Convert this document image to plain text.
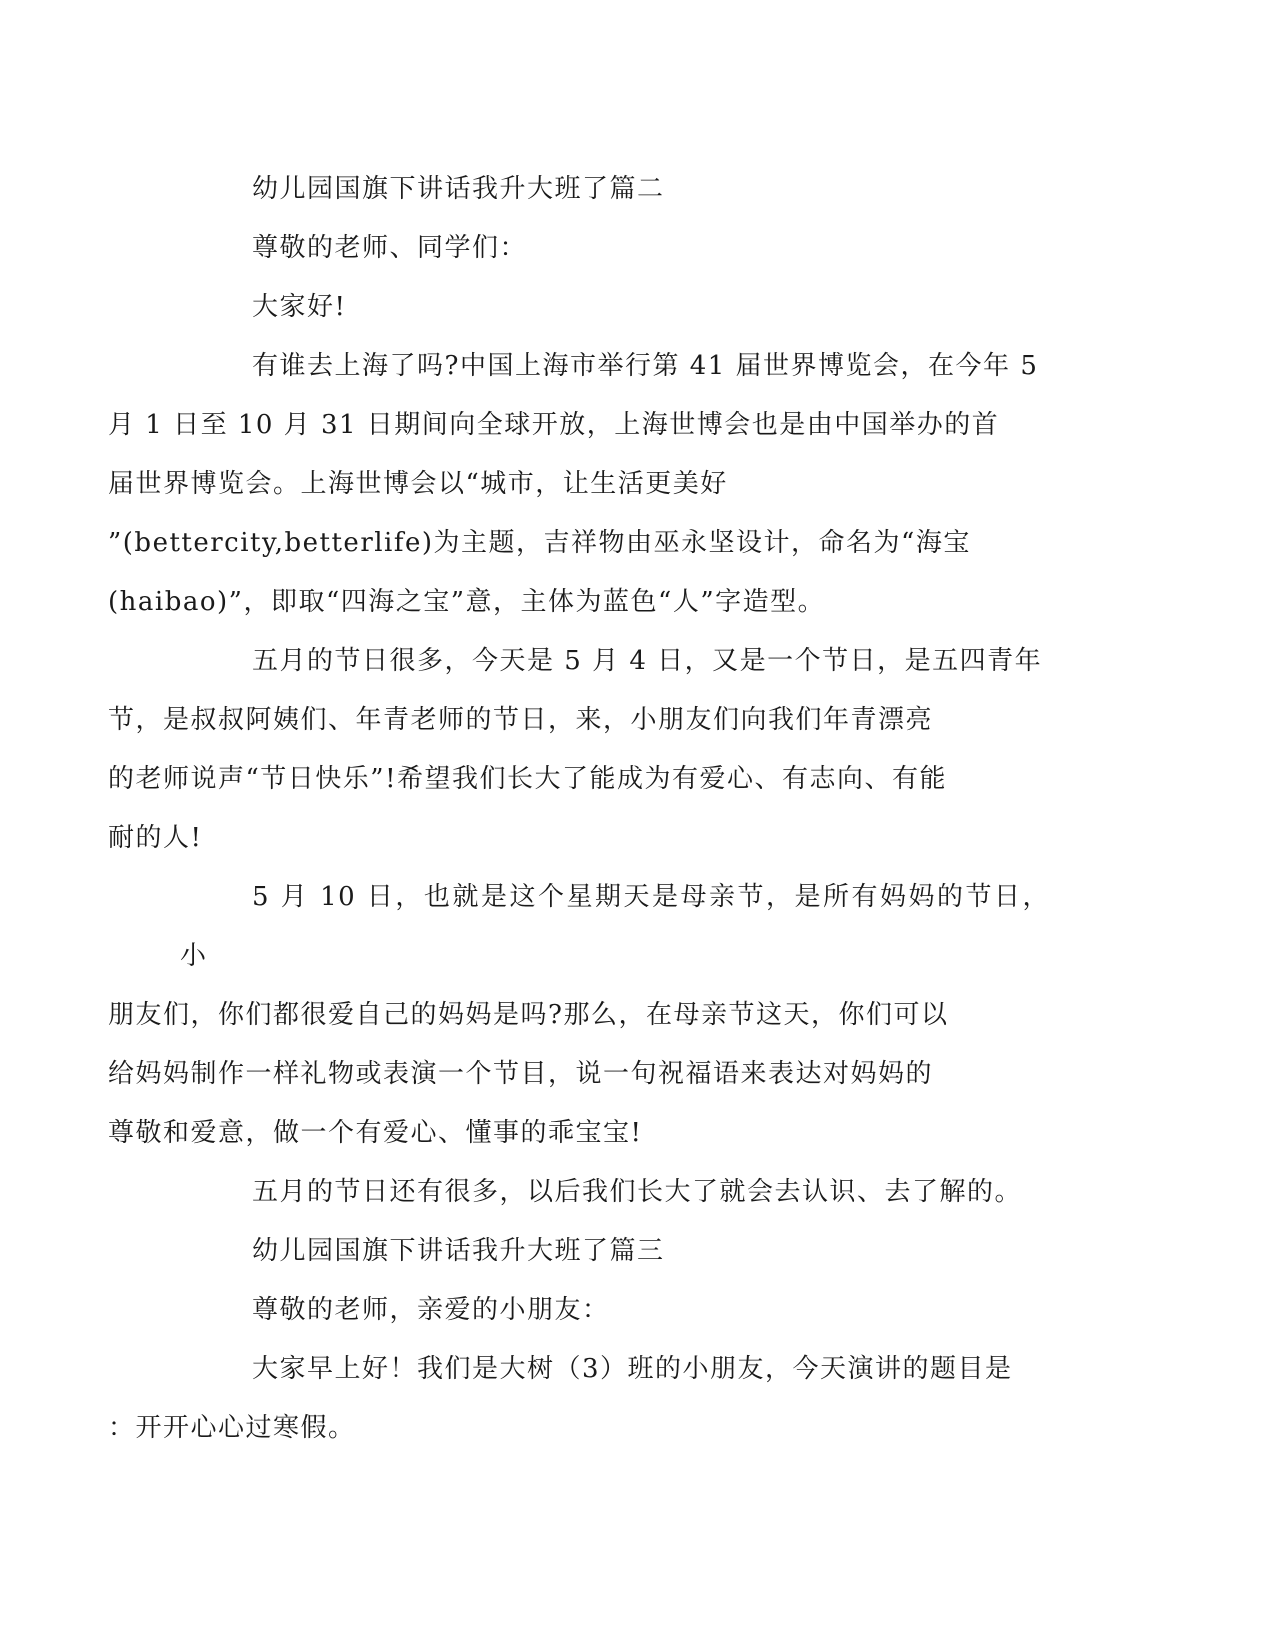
幼儿园国旗下讲话我升大班了篇二

尊敬的老师、同学们：

大家好!

有谁去上海了吗?中国上海市举行第 41 届世界博览会，在今年 5
月 1 日至 10 月 31 日期间向全球开放，上海世博会也是由中国举办的首
届世界博览会。上海世博会以“城市，让生活更美好
”(bettercity,betterlife)为主题，吉祥物由巫永坚设计，命名为“海宝
(haibao)”，即取“四海之宝”意，主体为蓝色“人”字造型。

五月的节日很多，今天是 5 月 4 日，又是一个节日，是五四青年
节，是叔叔阿姨们、年青老师的节日，来，小朋友们向我们年青漂亮
的老师说声“节日快乐”!希望我们长大了能成为有爱心、有志向、有能
耐的人!

5 月 10 日，也就是这个星期天是母亲节，是所有妈妈的节日，小
朋友们，你们都很爱自己的妈妈是吗?那么，在母亲节这天，你们可以
给妈妈制作一样礼物或表演一个节目，说一句祝福语来表达对妈妈的
尊敬和爱意，做一个有爱心、懂事的乖宝宝!

五月的节日还有很多，以后我们长大了就会去认识、去了解的。

幼儿园国旗下讲话我升大班了篇三

尊敬的老师，亲爱的小朋友：

大家早上好！我们是大树（3）班的小朋友，今天演讲的题目是
：开开心心过寒假。
